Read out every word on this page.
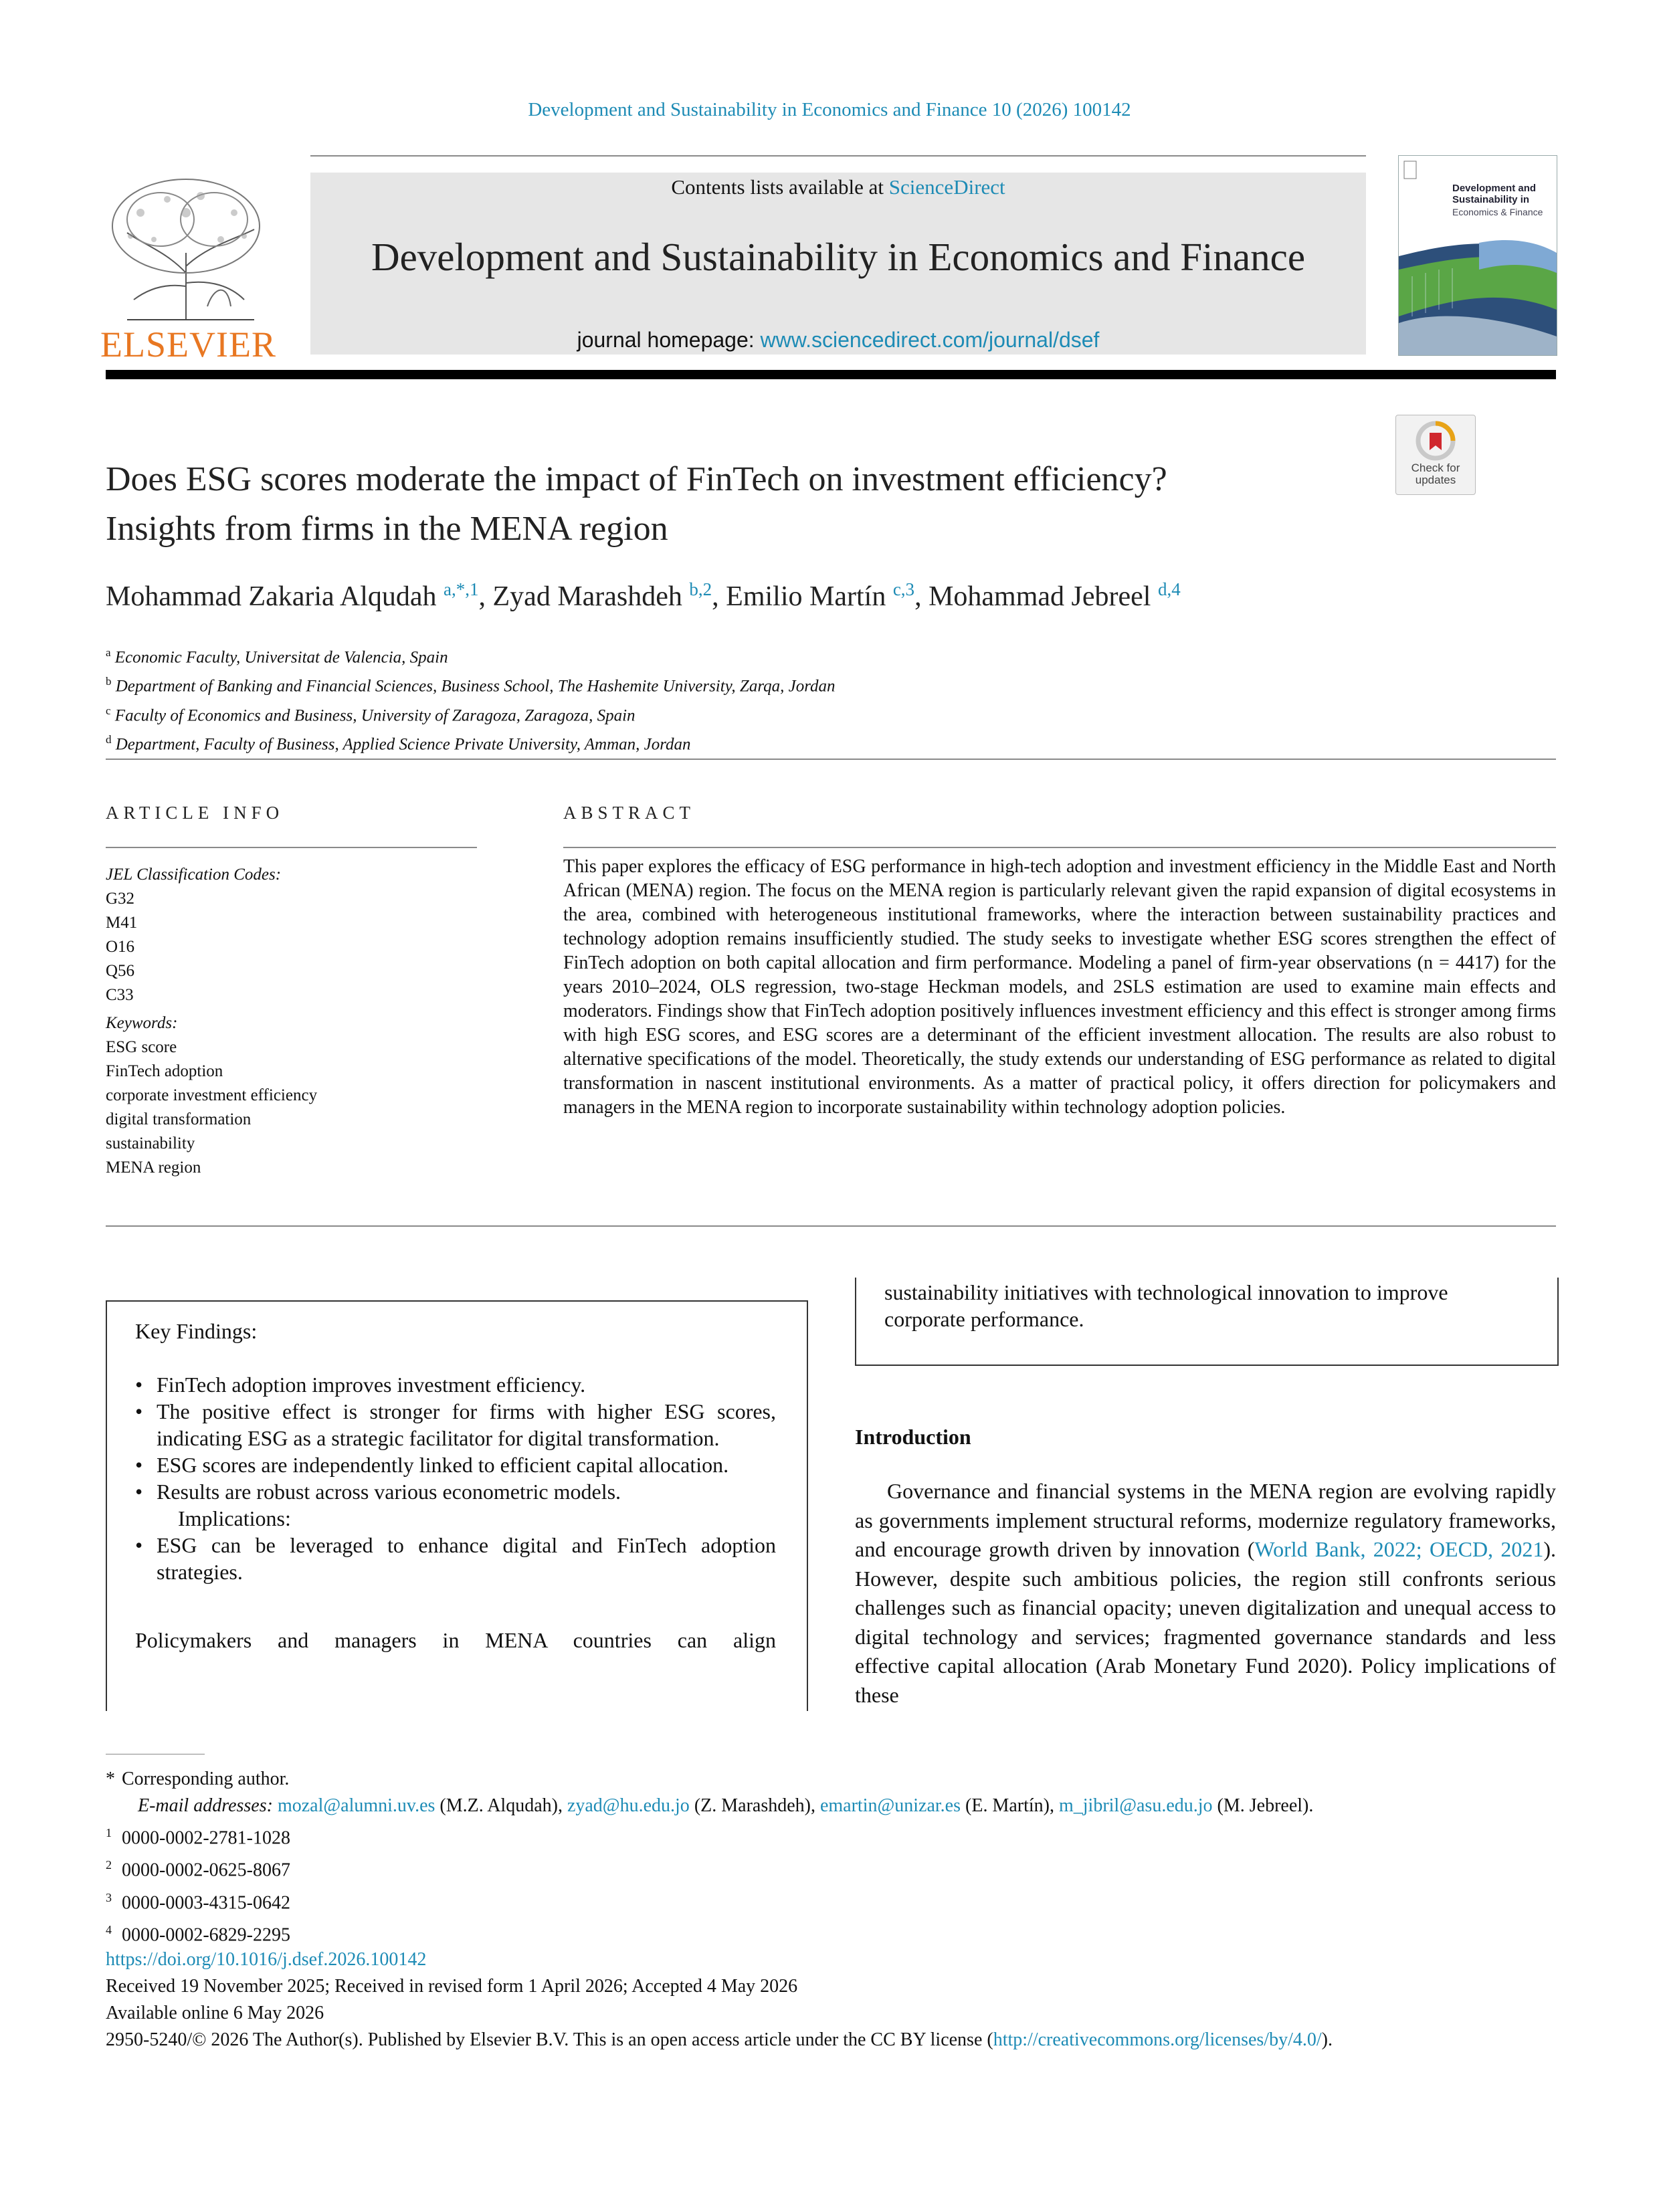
Development and Sustainability in Economics and Finance 10 (2026) 100142
ELSEVIER
Contents lists available at ScienceDirect
Development and Sustainability in Economics and Finance
journal homepage: www.sciencedirect.com/journal/dsef
Development and Sustainability in
Economics & Finance
Does ESG scores moderate the impact of FinTech on investment efficiency?
Insights from firms in the MENA region
Check for updates
Mohammad Zakaria Alqudah $^{a,*,1}$, Zyad Marashdeh $^{b,2}$, Emilio Martín $^{c,3}$, Mohammad Jebreel $^{d,4}$
$^a$ Economic Faculty, Universitat de Valencia, Spain
$^b$ Department of Banking and Financial Sciences, Business School, The Hashemite University, Zarqa, Jordan
$^c$ Faculty of Economics and Business, University of Zaragoza, Zaragoza, Spain
$^d$ Department, Faculty of Business, Applied Science Private University, Amman, Jordan
ARTICLE INFO
JEL Classification Codes:
G32
M41
O16
Q56
C33
Keywords:
ESG score
FinTech adoption
corporate investment efficiency
digital transformation
sustainability
MENA region
ABSTRACT
This paper explores the efficacy of ESG performance in high-tech adoption and investment efficiency in the Middle East and North African (MENA) region. The focus on the MENA region is particularly relevant given the rapid expansion of digital ecosystems in the area, combined with heterogeneous institutional frameworks, where the interaction between sustainability practices and technology adoption remains insufficiently studied. The study seeks to investigate whether ESG scores strengthen the effect of FinTech adoption on both capital allocation and firm performance. Modeling a panel of firm-year observations (n = 4417) for the years 2010–2024, OLS regression, two-stage Heckman models, and 2SLS estimation are used to examine main effects and moderators. Findings show that FinTech adoption positively influences investment efficiency and this effect is stronger among firms with high ESG scores, and ESG scores are a determinant of the efficient investment allocation. The results are also robust to alternative specifications of the model. Theoretically, the study extends our understanding of ESG performance as related to digital transformation in nascent institutional environments. As a matter of practical policy, it offers direction for policymakers and managers in the MENA region to incorporate sustainability within technology adoption policies.
Key Findings:
• FinTech adoption improves investment efficiency.
• The positive effect is stronger for firms with higher ESG scores, indicating ESG as a strategic facilitator for digital transformation.
• ESG scores are independently linked to efficient capital allocation.
• Results are robust across various econometric models.
Implications:
• ESG can be leveraged to enhance digital and FinTech adoption strategies.
Policymakers and managers in MENA countries can align
sustainability initiatives with technological innovation to improve corporate performance.
Introduction
Governance and financial systems in the MENA region are evolving rapidly as governments implement structural reforms, modernize regulatory frameworks, and encourage growth driven by innovation (World Bank, 2022; OECD, 2021). However, despite such ambitious policies, the region still confronts serious challenges such as financial opacity; uneven digitalization and unequal access to digital technology and services; fragmented governance standards and less effective capital allocation (Arab Monetary Fund 2020). Policy implications of these
* Corresponding author.
E-mail addresses: mozal@alumni.uv.es (M.Z. Alqudah), zyad@hu.edu.jo (Z. Marashdeh), emartin@unizar.es (E. Martín), m_jibril@asu.edu.jo (M. Jebreel).
$^1$ 0000-0002-2781-1028
$^2$ 0000-0002-0625-8067
$^3$ 0000-0003-4315-0642
$^4$ 0000-0002-6829-2295
https://doi.org/10.1016/j.dsef.2026.100142
Received 19 November 2025; Received in revised form 1 April 2026; Accepted 4 May 2026
Available online 6 May 2026
2950-5240/© 2026 The Author(s). Published by Elsevier B.V. This is an open access article under the CC BY license (http://creativecommons.org/licenses/by/4.0/).
